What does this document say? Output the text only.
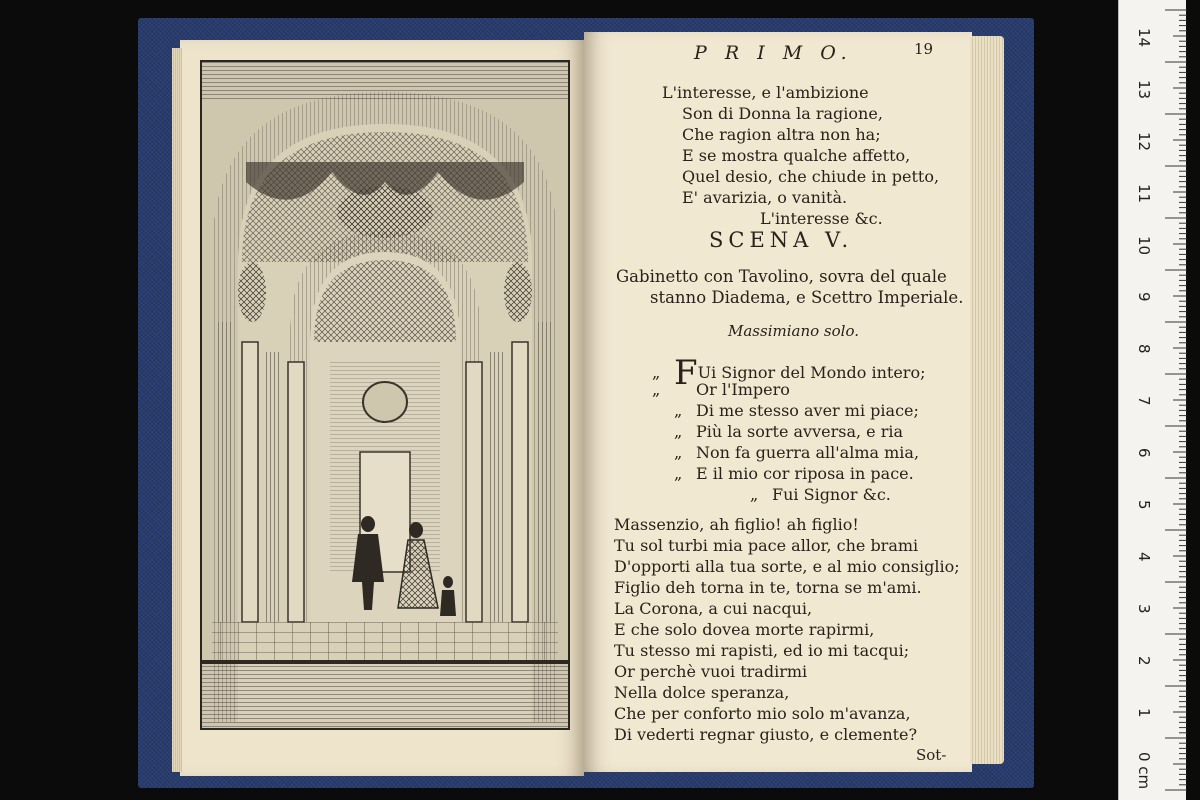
P R I M O.	19
L'interesse, e l'ambizione
Son di Donna la ragione,
Che ragion altra non ha;
E se mostra qualche affetto,
Quel desio, che chiude in petto,
E' avarizia, o vanità.
L'interesse &c.
SCENA V.
Gabinetto con Tavolino, sovra del quale
stanno Diadema, e Scettro Imperiale.
Massimiano solo.
„ FUi Signor del Mondo intero;
„ Or l'Impero
„ Di me stesso aver mi piace;
„ Più la sorte avversa, e ria
„ Non fa guerra all'alma mia,
„ E il mio cor riposa in pace.
„ Fui Signor &c.
Massenzio, ah figlio! ah figlio!
Tu sol turbi mia pace allor, che brami
D'opporti alla tua sorte, e al mio consiglio;
Figlio deh torna in te, torna se m'ami.
La Corona, a cui nacqui,
E che solo dovea morte rapirmi,
Tu stesso mi rapisti, ed io mi tacqui;
Or perchè vuoi tradirmi
Nella dolce speranza,
Che per conforto mio solo m'avanza,
Di vederti regnar giusto, e clemente?
Sot-
14
13
12
11
10
9
8
7
6
5
4
3
2
1
0 cm
